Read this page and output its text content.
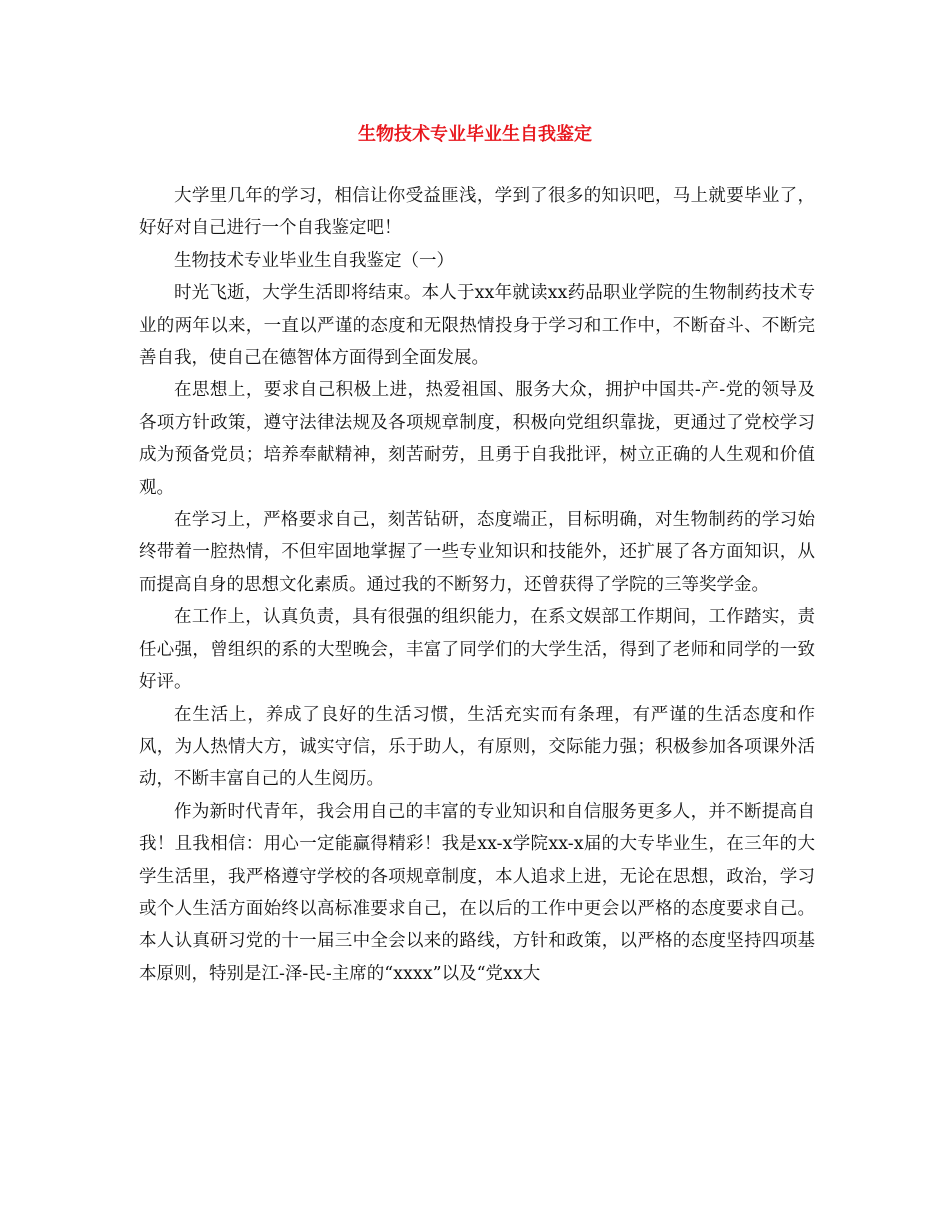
生物技术专业毕业生自我鉴定

大学里几年的学习，相信让你受益匪浅，学到了很多的知识吧，马上就要毕业了，好好对自己进行一个自我鉴定吧！

生物技术专业毕业生自我鉴定（一）

时光飞逝，大学生活即将结束。本人于xx年就读xx药品职业学院的生物制药技术专业的两年以来，一直以严谨的态度和无限热情投身于学习和工作中，不断奋斗、不断完善自我，使自己在德智体方面得到全面发展。

在思想上，要求自己积极上进，热爱祖国、服务大众，拥护中国共-产-党的领导及各项方针政策，遵守法律法规及各项规章制度，积极向党组织靠拢，更通过了党校学习成为预备党员；培养奉献精神，刻苦耐劳，且勇于自我批评，树立正确的人生观和价值观。

在学习上，严格要求自己，刻苦钻研，态度端正，目标明确，对生物制药的学习始终带着一腔热情，不但牢固地掌握了一些专业知识和技能外，还扩展了各方面知识，从而提高自身的思想文化素质。通过我的不断努力，还曾获得了学院的三等奖学金。

在工作上，认真负责，具有很强的组织能力，在系文娱部工作期间，工作踏实，责任心强，曾组织的系的大型晚会，丰富了同学们的大学生活，得到了老师和同学的一致好评。

在生活上，养成了良好的生活习惯，生活充实而有条理，有严谨的生活态度和作风，为人热情大方，诚实守信，乐于助人，有原则，交际能力强；积极参加各项课外活动，不断丰富自己的人生阅历。

作为新时代青年，我会用自己的丰富的专业知识和自信服务更多人，并不断提高自我！且我相信：用心一定能赢得精彩！我是xx-x学院xx-x届的大专毕业生，在三年的大学生活里，我严格遵守学校的各项规章制度，本人追求上进，无论在思想，政治，学习或个人生活方面始终以高标准要求自己，在以后的工作中更会以严格的态度要求自己。本人认真研习党的十一届三中全会以来的路线，方针和政策，以严格的态度坚持四项基本原则，特别是江-泽-民-主席的“xxxx”以及“党xx大
